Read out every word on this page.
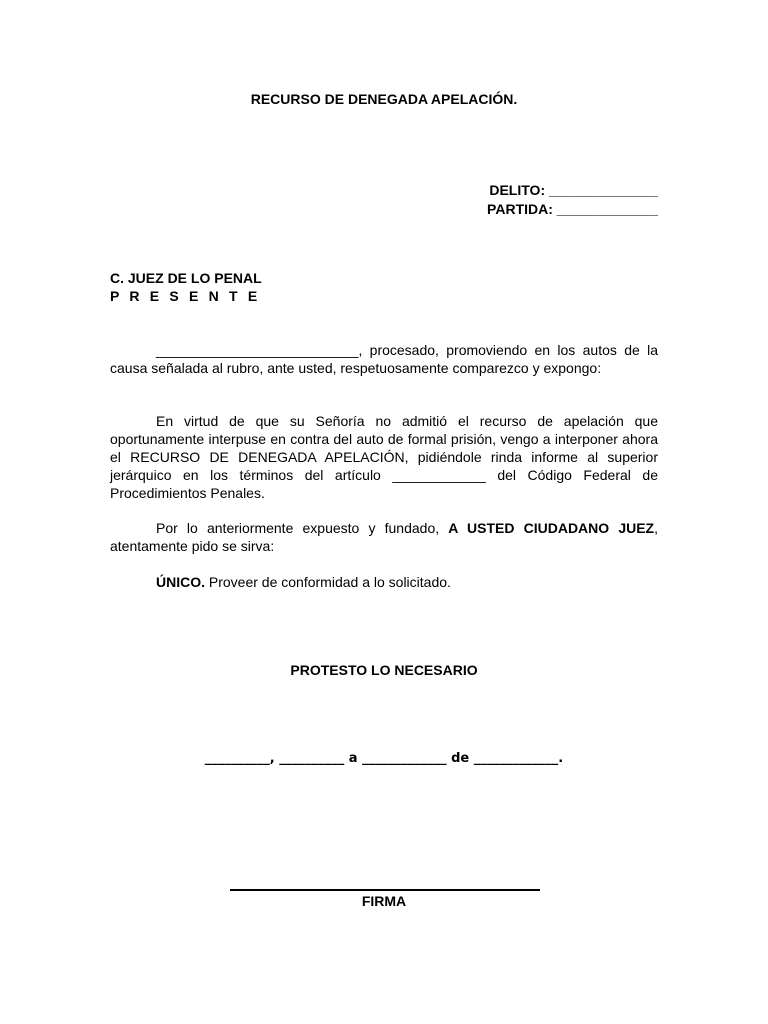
RECURSO DE DENEGADA APELACIÓN.
DELITO: ______________
PARTIDA: _____________
C. JUEZ DE LO PENAL
P R E S E N T E

__________________________, procesado, promoviendo en los autos de la causa señalada al rubro, ante usted, respetuosamente comparezco y expongo:

En virtud de que su Señoría no admitió el recurso de apelación que oportunamente interpuse en contra del auto de formal prisión, vengo a interponer ahora el RECURSO DE DENEGADA APELACIÓN, pidiéndole rinda informe al superior jerárquico en los términos del artículo ____________ del Código Federal de Procedimientos Penales.

Por lo anteriormente expuesto y fundado, A USTED CIUDADANO JUEZ, atentamente pido se sirva:

ÚNICO. Proveer de conformidad a lo solicitado.

PROTESTO LO NECESARIO
__________, __________ a _____________ de _____________.
FIRMA
